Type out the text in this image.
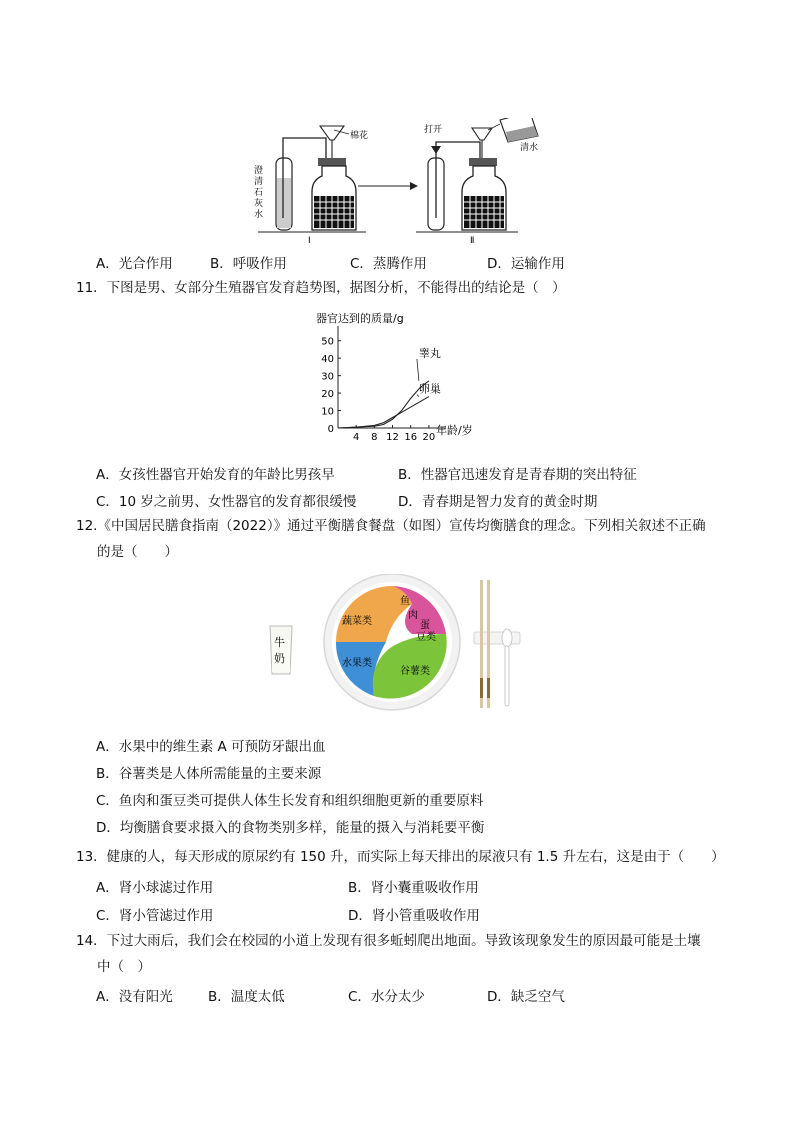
棉花
澄
清
石
灰
水
Ⅰ
打开
清水
Ⅱ
A．光合作用	B．呼吸作用	C．蒸腾作用	D．运输作用
11．下图是男、女部分生殖器官发育趋势图，据图分析，不能得出的结论是（　）
器官达到的质量/g
年龄/岁
50
40
30
20
10
0
4 8 12 16 20
睾丸
卵巢
A．女孩性器官开始发育的年龄比男孩早	B．性器官迅速发育是青春期的突出特征
C．10 岁之前男、女性器官的发育都很缓慢	D．青春期是智力发育的黄金时期
12.《中国居民膳食指南（2022）》通过平衡膳食餐盘（如图）宣传均衡膳食的理念。下列相关叙述不正确
的是（　　）
牛
奶
蔬菜类
鱼
肉
蛋
豆类
水果类
谷薯类
A．水果中的维生素 A 可预防牙龈出血
B．谷薯类是人体所需能量的主要来源
C．鱼肉和蛋豆类可提供人体生长发育和组织细胞更新的重要原料
D．均衡膳食要求摄入的食物类别多样，能量的摄入与消耗要平衡
13．健康的人，每天形成的原尿约有 150 升，而实际上每天排出的尿液只有 1.5 升左右，这是由于（　　）
A．肾小球滤过作用	B．肾小囊重吸收作用
C．肾小管滤过作用	D．肾小管重吸收作用
14．下过大雨后，我们会在校园的小道上发现有很多蚯蚓爬出地面。导致该现象发生的原因最可能是土壤
中（　）
A．没有阳光	B．温度太低	C．水分太少	D．缺乏空气
